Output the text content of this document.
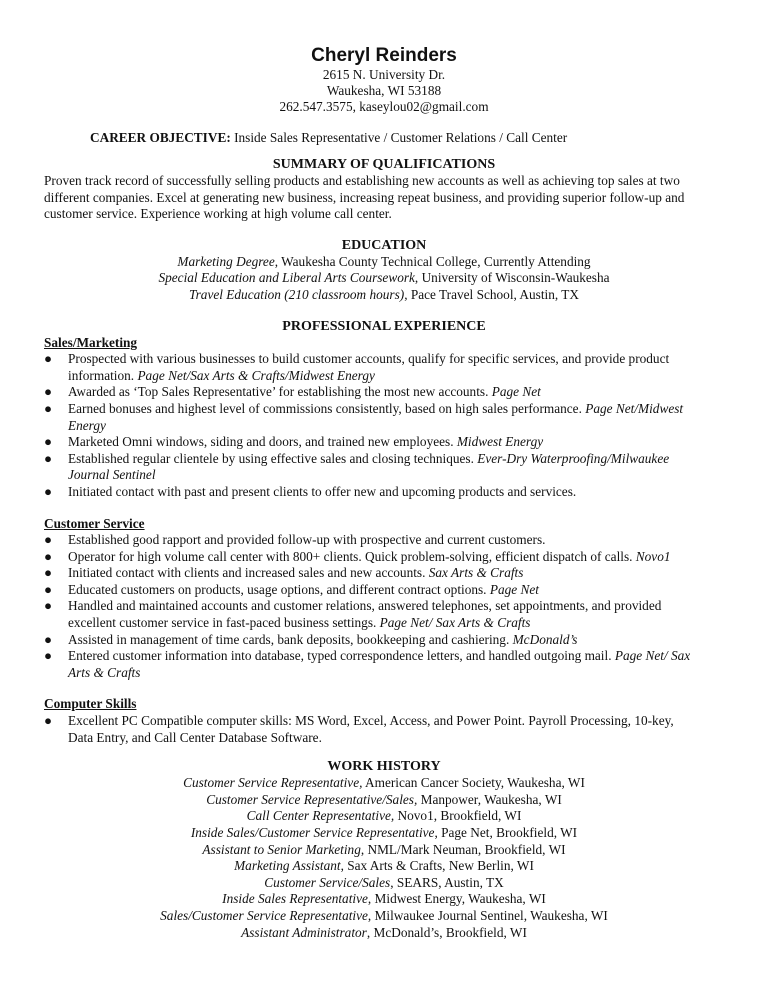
Cheryl Reinders
2615 N. University Dr.
Waukesha, WI 53188
262.547.3575, kaseylou02@gmail.com
CAREER OBJECTIVE: Inside Sales Representative / Customer Relations / Call Center
SUMMARY OF QUALIFICATIONS
Proven track record of successfully selling products and establishing new accounts as well as achieving top sales at two
different companies. Excel at generating new business, increasing repeat business, and providing superior follow-up and
customer service. Experience working at high volume call center.
EDUCATION
Marketing Degree, Waukesha County Technical College, Currently Attending
Special Education and Liberal Arts Coursework, University of Wisconsin-Waukesha
Travel Education (210 classroom hours), Pace Travel School, Austin, TX
PROFESSIONAL EXPERIENCE
Sales/Marketing
● Prospected with various businesses to build customer accounts, qualify for specific services, and provide product
information. Page Net/Sax Arts & Crafts/Midwest Energy
● Awarded as ‘Top Sales Representative’ for establishing the most new accounts. Page Net
● Earned bonuses and highest level of commissions consistently, based on high sales performance. Page Net/Midwest
Energy
● Marketed Omni windows, siding and doors, and trained new employees. Midwest Energy
● Established regular clientele by using effective sales and closing techniques. Ever-Dry Waterproofing/Milwaukee
Journal Sentinel
● Initiated contact with past and present clients to offer new and upcoming products and services.
Customer Service
● Established good rapport and provided follow-up with prospective and current customers.
● Operator for high volume call center with 800+ clients. Quick problem-solving, efficient dispatch of calls. Novo1
● Initiated contact with clients and increased sales and new accounts. Sax Arts & Crafts
● Educated customers on products, usage options, and different contract options. Page Net
● Handled and maintained accounts and customer relations, answered telephones, set appointments, and provided
excellent customer service in fast-paced business settings. Page Net/ Sax Arts & Crafts
● Assisted in management of time cards, bank deposits, bookkeeping and cashiering. McDonald’s
● Entered customer information into database, typed correspondence letters, and handled outgoing mail. Page Net/ Sax
Arts & Crafts
Computer Skills
● Excellent PC Compatible computer skills: MS Word, Excel, Access, and Power Point. Payroll Processing, 10-key,
Data Entry, and Call Center Database Software.
WORK HISTORY
Customer Service Representative, American Cancer Society, Waukesha, WI
Customer Service Representative/Sales, Manpower, Waukesha, WI
Call Center Representative, Novo1, Brookfield, WI
Inside Sales/Customer Service Representative, Page Net, Brookfield, WI
Assistant to Senior Marketing, NML/Mark Neuman, Brookfield, WI
Marketing Assistant, Sax Arts & Crafts, New Berlin, WI
Customer Service/Sales, SEARS, Austin, TX
Inside Sales Representative, Midwest Energy, Waukesha, WI
Sales/Customer Service Representative, Milwaukee Journal Sentinel, Waukesha, WI
Assistant Administrator, McDonald’s, Brookfield, WI
